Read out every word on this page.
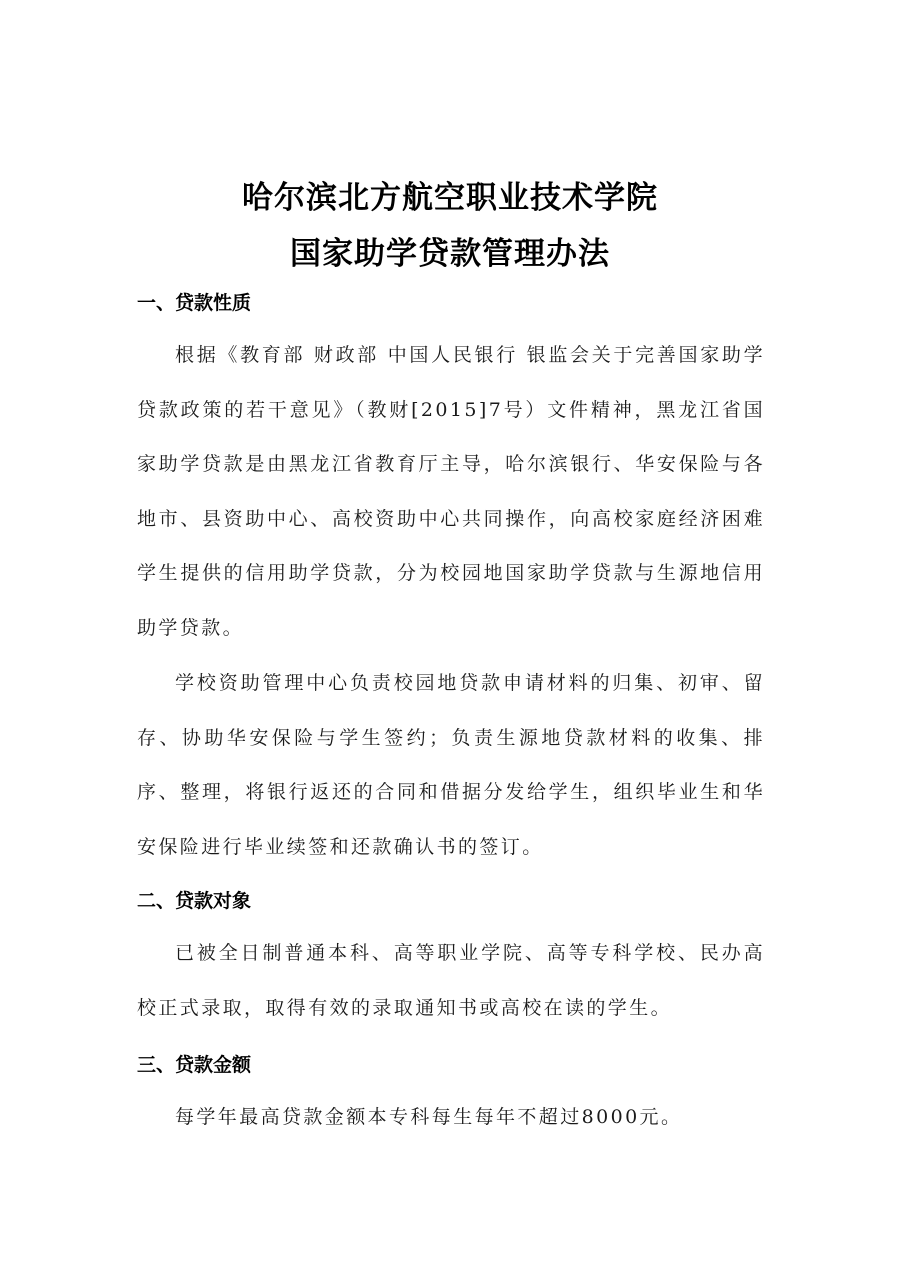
哈尔滨北方航空职业技术学院
国家助学贷款管理办法
一、贷款性质

根据《教育部 财政部 中国人民银行 银监会关于完善国家助学贷款政策的若干意见》（教财[2015]7号）文件精神，黑龙江省国家助学贷款是由黑龙江省教育厅主导，哈尔滨银行、华安保险与各地市、县资助中心、高校资助中心共同操作，向高校家庭经济困难学生提供的信用助学贷款，分为校园地国家助学贷款与生源地信用助学贷款。

学校资助管理中心负责校园地贷款申请材料的归集、初审、留存、协助华安保险与学生签约；负责生源地贷款材料的收集、排序、整理，将银行返还的合同和借据分发给学生，组织毕业生和华安保险进行毕业续签和还款确认书的签订。

二、贷款对象

已被全日制普通本科、高等职业学院、高等专科学校、民办高校正式录取，取得有效的录取通知书或高校在读的学生。

三、贷款金额

每学年最高贷款金额本专科每生每年不超过8000元。
